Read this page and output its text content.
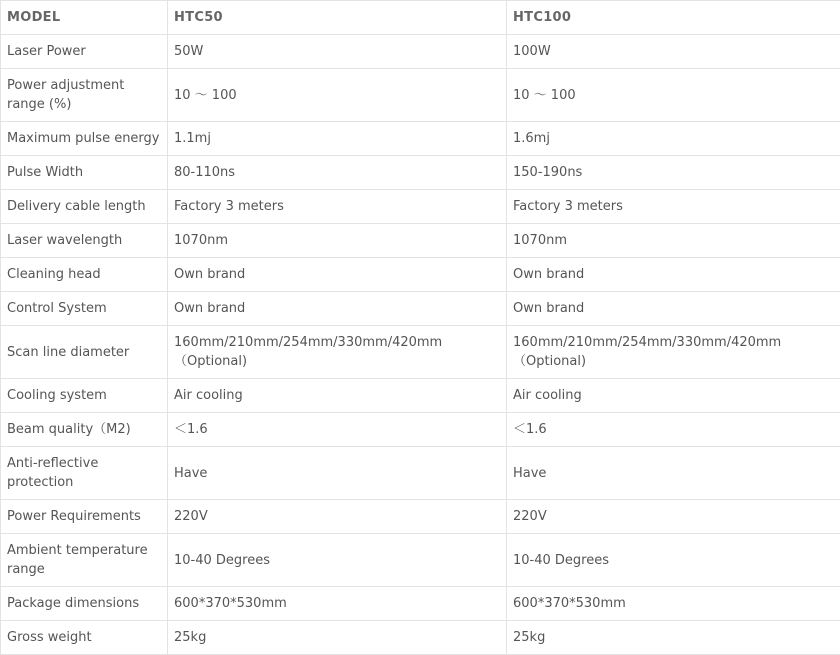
MODEL	HTC50	HTC100
Laser Power	50W	100W
Power adjustment range (%)	10 ～ 100	10 ～ 100
Maximum pulse energy	1.1mj	1.6mj
Pulse Width	80-110ns	150-190ns
Delivery cable length	Factory 3 meters	Factory 3 meters
Laser wavelength	1070nm	1070nm
Cleaning head	Own brand	Own brand
Control System	Own brand	Own brand
Scan line diameter	160mm/210mm/254mm/330mm/420mm （Optional)	160mm/210mm/254mm/330mm/420mm （Optional)
Cooling system	Air cooling	Air cooling
Beam quality（M2)	＜1.6	＜1.6
Anti-reflective protection	Have	Have
Power Requirements	220V	220V
Ambient temperature range	10-40 Degrees	10-40 Degrees
Package dimensions	600*370*530mm	600*370*530mm
Gross weight	25kg	25kg
